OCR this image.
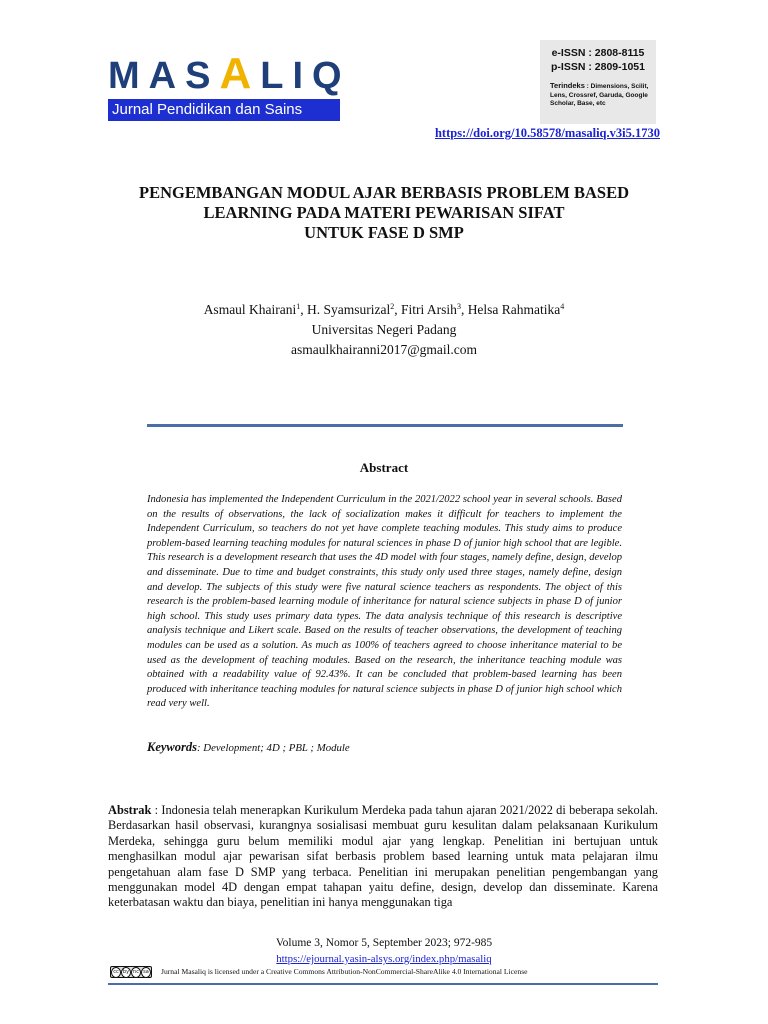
MASALIQ
Jurnal Pendidikan dan Sains
e-ISSN : 2808-8115
p-ISSN : 2809-1051
Terindeks : Dimensions, Scilit, Lens, Crossref, Garuda, Google Scholar, Base, etc
https://doi.org/10.58578/masaliq.v3i5.1730
PENGEMBANGAN MODUL AJAR BERBASIS PROBLEM BASED
LEARNING PADA MATERI PEWARISAN SIFAT
UNTUK FASE D SMP
Asmaul Khairani$^1$, H. Syamsurizal$^2$, Fitri Arsih$^3$, Helsa Rahmatika$^4$
Universitas Negeri Padang
asmaulkhairanni2017@gmail.com
Abstract
Indonesia has implemented the Independent Curriculum in the 2021/2022 school year in several schools. Based on the results of observations, the lack of socialization makes it difficult for teachers to implement the Independent Curriculum, so teachers do not yet have complete teaching modules. This study aims to produce problem-based learning teaching modules for natural sciences in phase D of junior high school that are legible. This research is a development research that uses the 4D model with four stages, namely define, design, develop and disseminate. Due to time and budget constraints, this study only used three stages, namely define, design and develop. The subjects of this study were five natural science teachers as respondents. The object of this research is the problem-based learning module of inheritance for natural science subjects in phase D of junior high school. This study uses primary data types. The data analysis technique of this research is descriptive analysis technique and Likert scale. Based on the results of teacher observations, the development of teaching modules can be used as a solution. As much as 100% of teachers agreed to choose inheritance material to be used as the development of teaching modules. Based on the research, the inheritance teaching module was obtained with a readability value of 92.43%. It can be concluded that problem-based learning has been produced with inheritance teaching modules for natural science subjects in phase D of junior high school which read very well.
Keywords: Development; 4D ; PBL ; Module
Abstrak : Indonesia telah menerapkan Kurikulum Merdeka pada tahun ajaran 2021/2022 di beberapa sekolah. Berdasarkan hasil observasi, kurangnya sosialisasi membuat guru kesulitan dalam pelaksanaan Kurikulum Merdeka, sehingga guru belum memiliki modul ajar yang lengkap. Penelitian ini bertujuan untuk menghasilkan modul ajar pewarisan sifat berbasis problem based learning untuk mata pelajaran ilmu pengetahuan alam fase D SMP yang terbaca. Penelitian ini merupakan penelitian pengembangan yang menggunakan model 4D dengan empat tahapan yaitu define, design, develop dan disseminate. Karena keterbatasan waktu dan biaya, penelitian ini hanya menggunakan tiga
Volume 3, Nomor 5, September 2023; 972-985
https://ejournal.yasin-alsys.org/index.php/masaliq
cc by nc sa Jurnal Masaliq is licensed under a Creative Commons Attribution-NonCommercial-ShareAlike 4.0 International License
